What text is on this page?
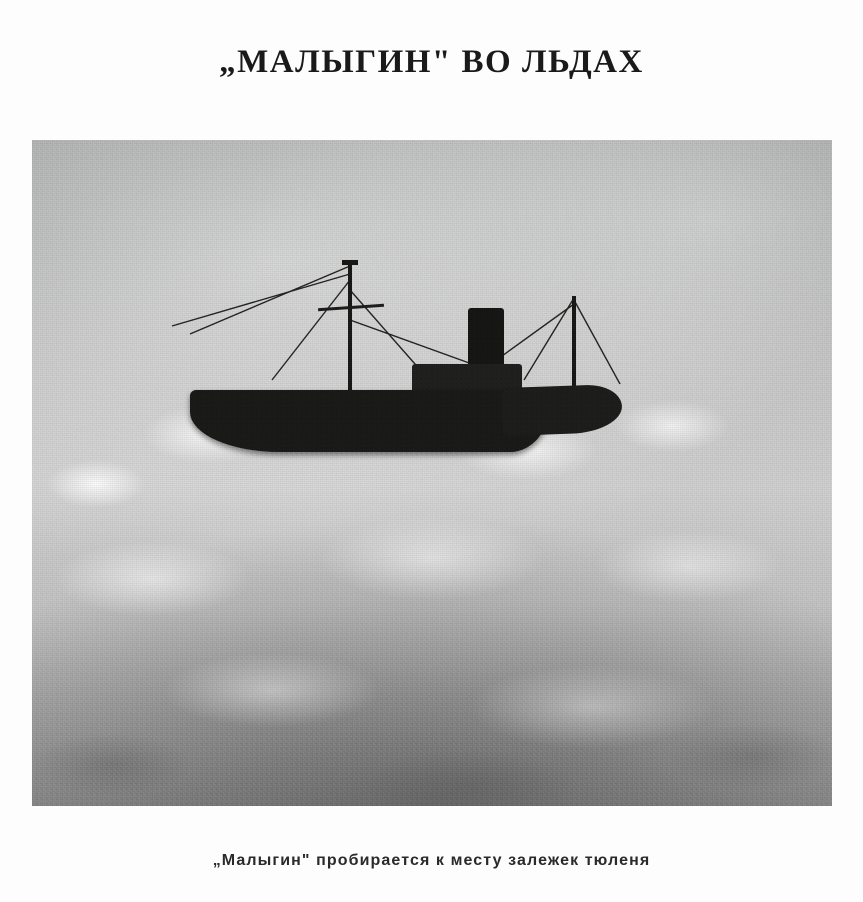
„МАЛЫГИН" ВО ЛЬДАХ
„Малыгин" пробирается к месту залежек тюленя
